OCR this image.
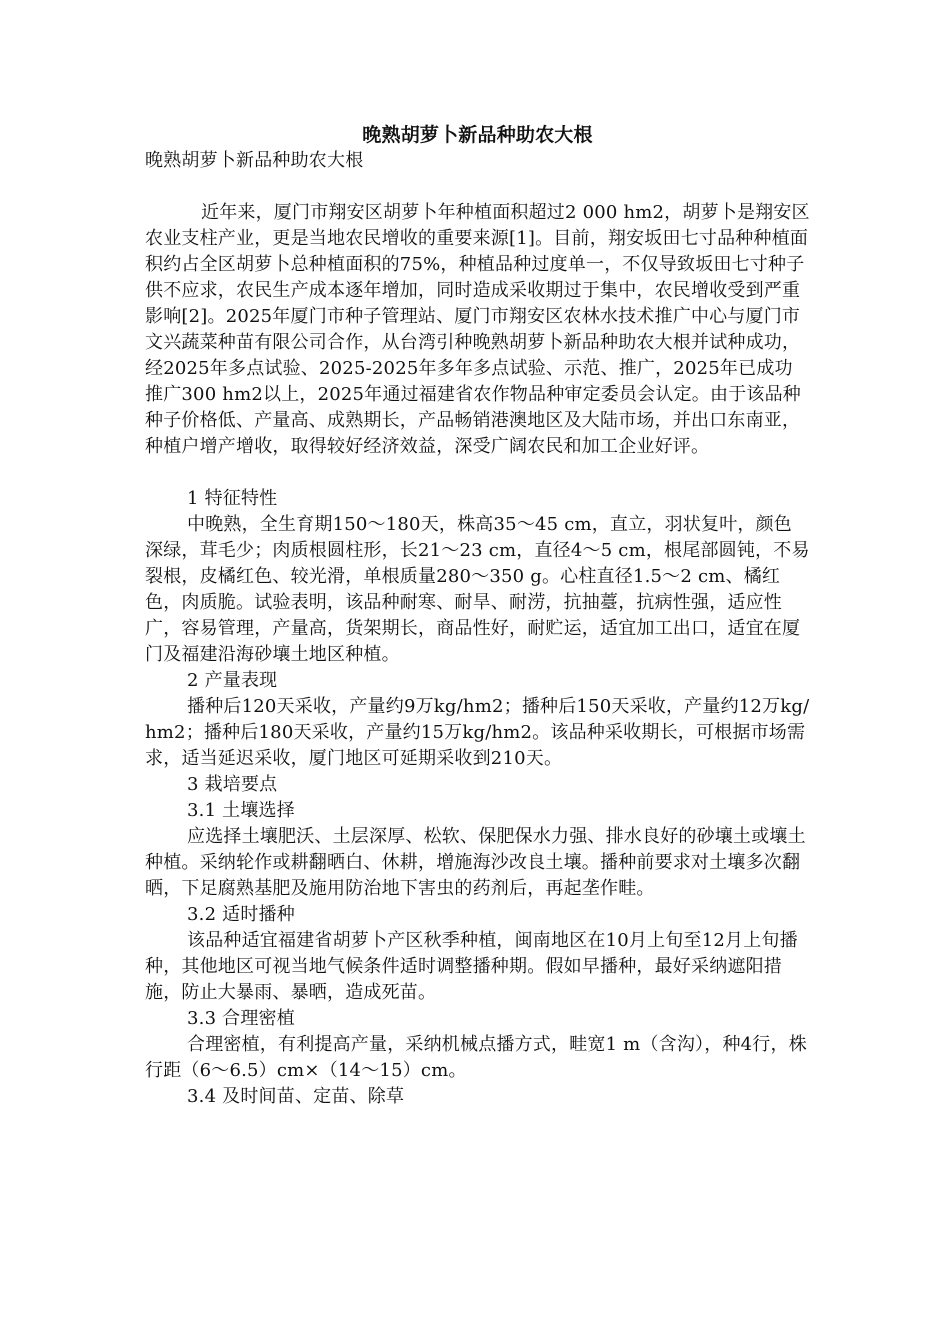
晚熟胡萝卜新品种助农大根

晚熟胡萝卜新品种助农大根

近年来，厦门市翔安区胡萝卜年种植面积超过2 000 hm2，胡萝卜是翔安区农业支柱产业，更是当地农民增收的重要来源[1]。目前，翔安坂田七寸品种种植面积约占全区胡萝卜总种植面积的75%，种植品种过度单一，不仅导致坂田七寸种子供不应求，农民生产成本逐年增加，同时造成采收期过于集中，农民增收受到严重影响[2]。2025年厦门市种子管理站、厦门市翔安区农林水技术推广中心与厦门市文兴蔬菜种苗有限公司合作，从台湾引种晚熟胡萝卜新品种助农大根并试种成功，经2025年多点试验、2025-2025年多年多点试验、示范、推广，2025年已成功推广300 hm2以上，2025年通过福建省农作物品种审定委员会认定。由于该品种种子价格低、产量高、成熟期长，产品畅销港澳地区及大陆市场，并出口东南亚，种植户增产增收，取得较好经济效益，深受广阔农民和加工企业好评。

1 特征特性

中晚熟，全生育期150～180天，株高35～45 cm，直立，羽状复叶，颜色深绿，茸毛少；肉质根圆柱形，长21～23 cm，直径4～5 cm，根尾部圆钝，不易裂根，皮橘红色、较光滑，单根质量280～350 g。心柱直径1.5～2 cm、橘红色，肉质脆。试验表明，该品种耐寒、耐旱、耐涝，抗抽薹，抗病性强，适应性广，容易管理，产量高，货架期长，商品性好，耐贮运，适宜加工出口，适宜在厦门及福建沿海砂壤土地区种植。

2 产量表现

播种后120天采收，产量约9万kg/hm2；播种后150天采收，产量约12万kg/hm2；播种后180天采收，产量约15万kg/hm2。该品种采收期长，可根据市场需求，适当延迟采收，厦门地区可延期采收到210天。

3 栽培要点

3.1 土壤选择

应选择土壤肥沃、土层深厚、松软、保肥保水力强、排水良好的砂壤土或壤土种植。采纳轮作或耕翻晒白、休耕，增施海沙改良土壤。播种前要求对土壤多次翻晒，下足腐熟基肥及施用防治地下害虫的药剂后，再起垄作畦。

3.2 适时播种

该品种适宜福建省胡萝卜产区秋季种植，闽南地区在10月上旬至12月上旬播种，其他地区可视当地气候条件适时调整播种期。假如早播种，最好采纳遮阳措施，防止大暴雨、暴晒，造成死苗。

3.3 合理密植

合理密植，有利提高产量，采纳机械点播方式，畦宽1 m（含沟），种4行，株行距（6～6.5）cm×（14～15）cm。

3.4 及时间苗、定苗、除草
